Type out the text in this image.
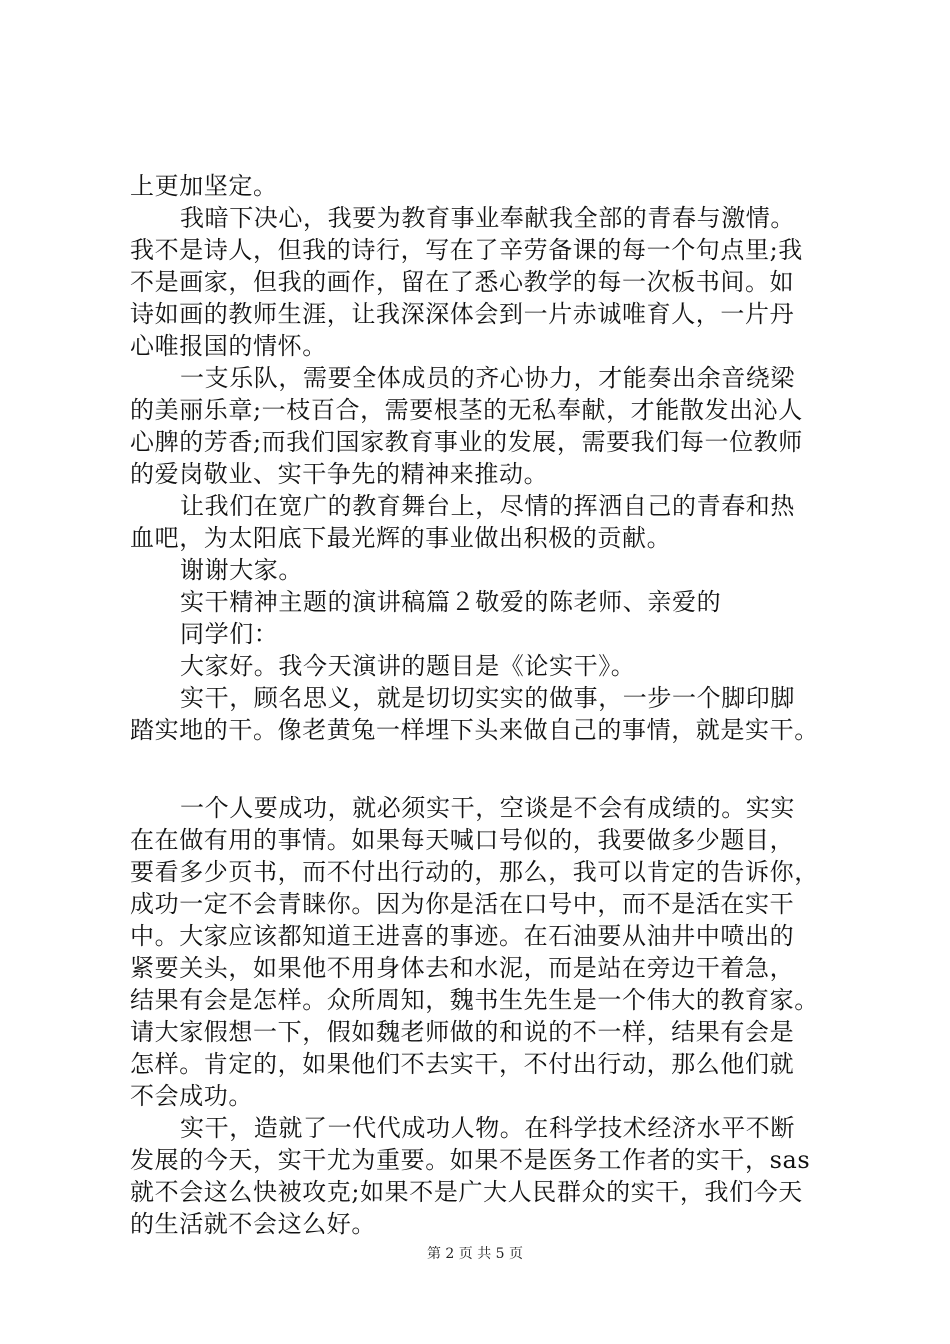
上更加坚定。
我暗下决心，我要为教育事业奉献我全部的青春与激情。
我不是诗人，但我的诗行，写在了辛劳备课的每一个句点里;我
不是画家，但我的画作，留在了悉心教学的每一次板书间。如
诗如画的教师生涯，让我深深体会到一片赤诚唯育人，一片丹
心唯报国的情怀。
一支乐队，需要全体成员的齐心协力，才能奏出余音绕梁
的美丽乐章;一枝百合，需要根茎的无私奉献，才能散发出沁人
心脾的芳香;而我们国家教育事业的发展，需要我们每一位教师
的爱岗敬业、实干争先的精神来推动。
让我们在宽广的教育舞台上，尽情的挥洒自己的青春和热
血吧，为太阳底下最光辉的事业做出积极的贡献。
谢谢大家。
实干精神主题的演讲稿篇２敬爱的陈老师、亲爱的
同学们：
大家好。我今天演讲的题目是《论实干》。
实干，顾名思义，就是切切实实的做事，一步一个脚印脚
踏实地的干。像老黄兔一样埋下头来做自己的事情，就是实干。
一个人要成功，就必须实干，空谈是不会有成绩的。实实
在在做有用的事情。如果每天喊口号似的，我要做多少题目，
要看多少页书，而不付出行动的，那么，我可以肯定的告诉你，
成功一定不会青睐你。因为你是活在口号中，而不是活在实干
中。大家应该都知道王进喜的事迹。在石油要从油井中喷出的
紧要关头，如果他不用身体去和水泥，而是站在旁边干着急，
结果有会是怎样。众所周知，魏书生先生是一个伟大的教育家。
请大家假想一下，假如魏老师做的和说的不一样，结果有会是
怎样。肯定的，如果他们不去实干，不付出行动，那么他们就
不会成功。
实干，造就了一代代成功人物。在科学技术经济水平不断
发展的今天，实干尤为重要。如果不是医务工作者的实干，sas
就不会这么快被攻克;如果不是广大人民群众的实干，我们今天
的生活就不会这么好。
第 2 页 共 5 页
